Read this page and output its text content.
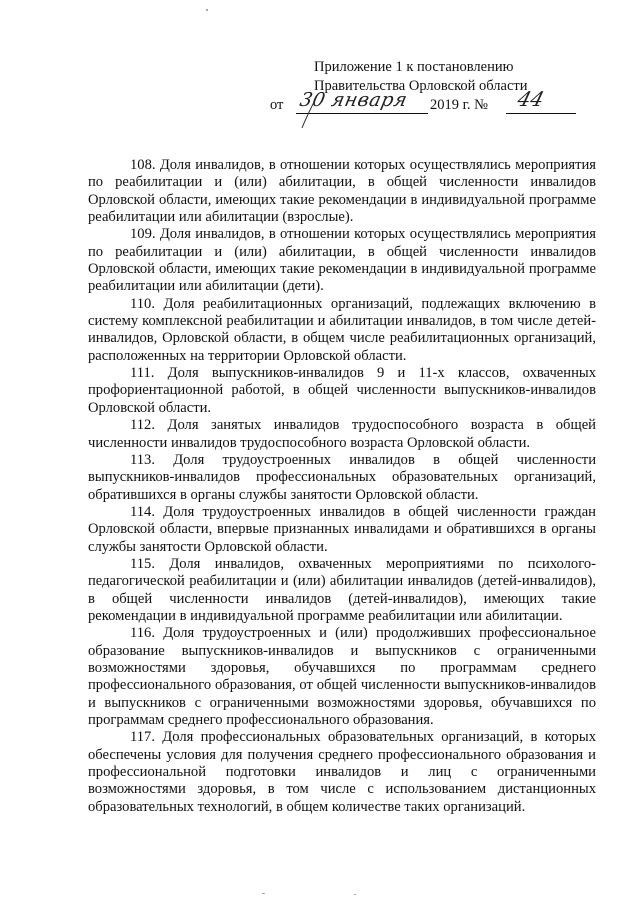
Приложение 1 к постановлению
Правительства Орловской области
от 30 января 2019 г. № 44

108. Доля инвалидов, в отношении которых осуществлялись мероприятия по реабилитации и (или) абилитации, в общей численности инвалидов Орловской области, имеющих такие рекомендации в индивидуальной программе реабилитации или абилитации (взрослые).

109. Доля инвалидов, в отношении которых осуществлялись мероприятия по реабилитации и (или) абилитации, в общей численности инвалидов Орловской области, имеющих такие рекомендации в индивидуальной программе реабилитации или абилитации (дети).

110. Доля реабилитационных организаций, подлежащих включению в систему комплексной реабилитации и абилитации инвалидов, в том числе детей-инвалидов, Орловской области, в общем числе реабилитационных организаций, расположенных на территории Орловской области.

111. Доля выпускников-инвалидов 9 и 11-х классов, охваченных профориентационной работой, в общей численности выпускников-инвалидов Орловской области.

112. Доля занятых инвалидов трудоспособного возраста в общей численности инвалидов трудоспособного возраста Орловской области.

113. Доля трудоустроенных инвалидов в общей численности выпускников-инвалидов профессиональных образовательных организаций, обратившихся в органы службы занятости Орловской области.

114. Доля трудоустроенных инвалидов в общей численности граждан Орловской области, впервые признанных инвалидами и обратившихся в органы службы занятости Орловской области.

115. Доля инвалидов, охваченных мероприятиями по психолого-педагогической реабилитации и (или) абилитации инвалидов (детей-инвалидов), в общей численности инвалидов (детей-инвалидов), имеющих такие рекомендации в индивидуальной программе реабилитации или абилитации.

116. Доля трудоустроенных и (или) продолживших профессиональное образование выпускников-инвалидов и выпускников с ограниченными возможностями здоровья, обучавшихся по программам среднего профессионального образования, от общей численности выпускников-инвалидов и выпускников с ограниченными возможностями здоровья, обучавшихся по программам среднего профессионального образования.

117. Доля профессиональных образовательных организаций, в которых обеспечены условия для получения среднего профессионального образования и профессиональной подготовки инвалидов и лиц с ограниченными возможностями здоровья, в том числе с использованием дистанционных образовательных технологий, в общем количестве таких организаций.
